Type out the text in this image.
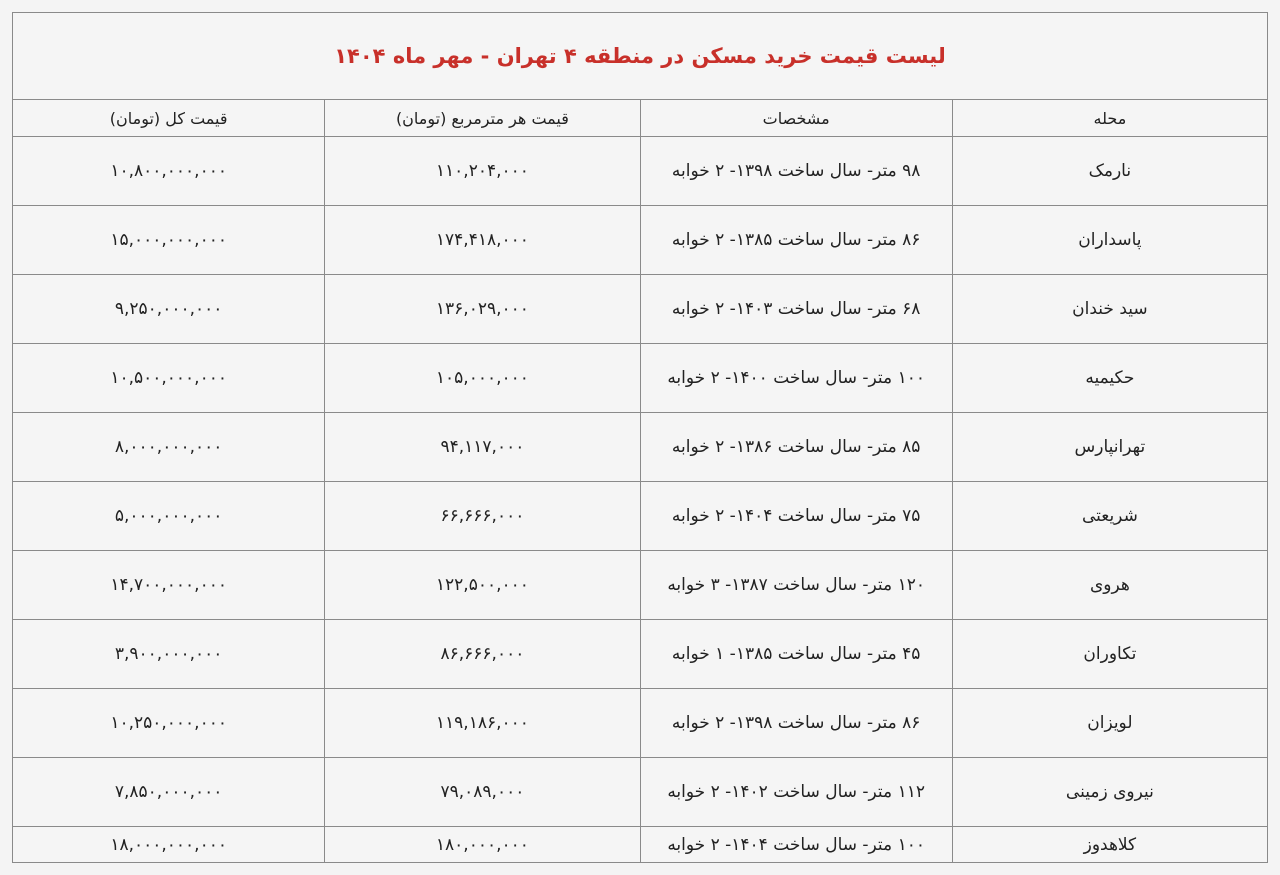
لیست قیمت خرید مسکن در منطقه ۴ تهران - مهر ماه ۱۴۰۴			
محله	مشخصات	قیمت هر مترمربع (تومان)	قیمت کل (تومان)
نارمک	۹۸ متر- سال ساخت ۱۳۹۸- ۲ خوابه	۱۱۰,۲۰۴,۰۰۰	۱۰,۸۰۰,۰۰۰,۰۰۰
پاسداران	۸۶ متر- سال ساخت ۱۳۸۵- ۲ خوابه	۱۷۴,۴۱۸,۰۰۰	۱۵,۰۰۰,۰۰۰,۰۰۰
سید خندان	۶۸ متر- سال ساخت ۱۴۰۳- ۲ خوابه	۱۳۶,۰۲۹,۰۰۰	۹,۲۵۰,۰۰۰,۰۰۰
حکیمیه	۱۰۰ متر- سال ساخت ۱۴۰۰- ۲ خوابه	۱۰۵,۰۰۰,۰۰۰	۱۰,۵۰۰,۰۰۰,۰۰۰
تهرانپارس	۸۵ متر- سال ساخت ۱۳۸۶- ۲ خوابه	۹۴,۱۱۷,۰۰۰	۸,۰۰۰,۰۰۰,۰۰۰
شریعتی	۷۵ متر- سال ساخت ۱۴۰۴- ۲ خوابه	۶۶,۶۶۶,۰۰۰	۵,۰۰۰,۰۰۰,۰۰۰
هروی	۱۲۰ متر- سال ساخت ۱۳۸۷- ۳ خوابه	۱۲۲,۵۰۰,۰۰۰	۱۴,۷۰۰,۰۰۰,۰۰۰
تکاوران	۴۵ متر- سال ساخت ۱۳۸۵- ۱ خوابه	۸۶,۶۶۶,۰۰۰	۳,۹۰۰,۰۰۰,۰۰۰
لویزان	۸۶ متر- سال ساخت ۱۳۹۸- ۲ خوابه	۱۱۹,۱۸۶,۰۰۰	۱۰,۲۵۰,۰۰۰,۰۰۰
نیروی زمینی	۱۱۲ متر- سال ساخت ۱۴۰۲- ۲ خوابه	۷۹,۰۸۹,۰۰۰	۷,۸۵۰,۰۰۰,۰۰۰
کلاهدوز	۱۰۰ متر- سال ساخت ۱۴۰۴- ۲ خوابه	۱۸۰,۰۰۰,۰۰۰	۱۸,۰۰۰,۰۰۰,۰۰۰
